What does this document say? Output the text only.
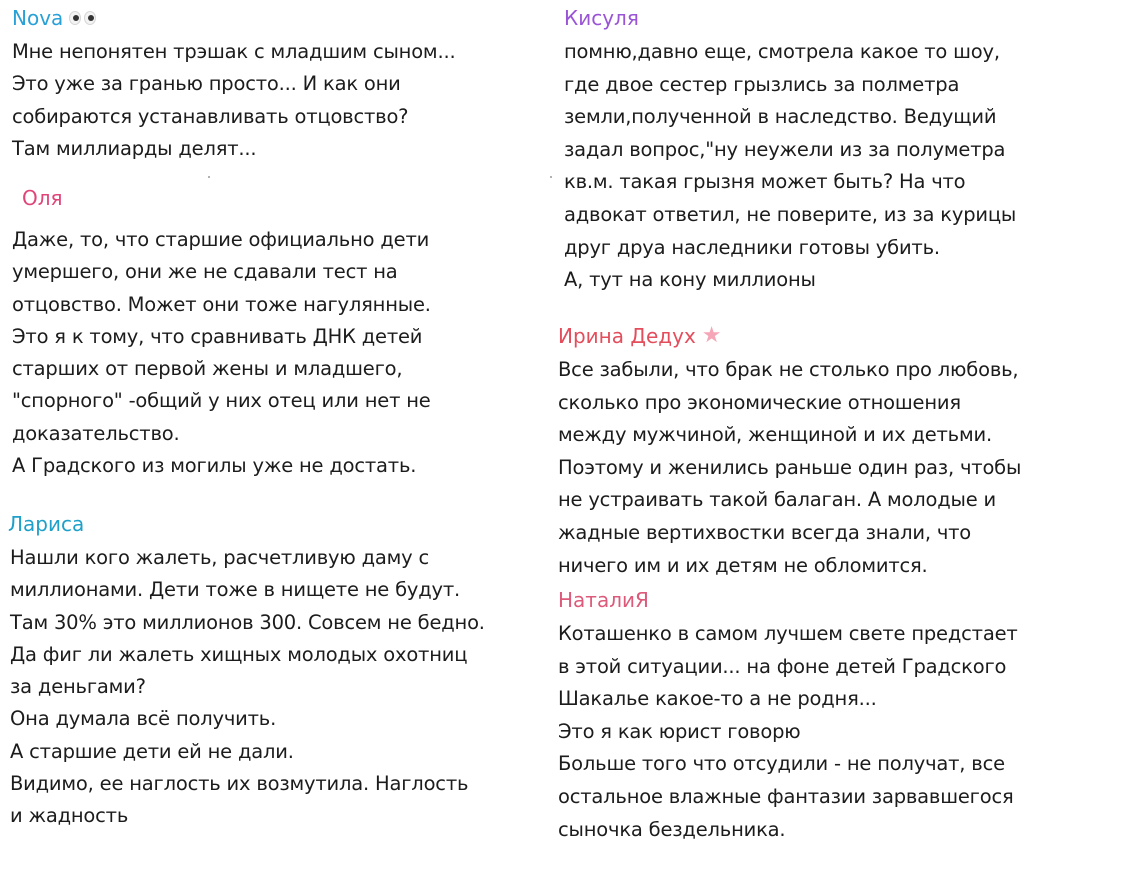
Nova
Мне непонятен трэшак с младшим сыном...
Это уже за гранью просто... И как они
собираются устанавливать отцовство?
Там миллиарды делят...
Оля
Даже, то, что старшие официально дети
умершего, они же не сдавали тест на
отцовство. Может они тоже нагулянные.
Это я к тому, что сравнивать ДНК детей
старших от первой жены и младшего,
"спорного" -общий у них отец или нет не
доказательство.
А Градского из могилы уже не достать.
Лариса
Нашли кого жалеть, расчетливую даму с
миллионами. Дети тоже в нищете не будут.
Там 30% это миллионов 300. Совсем не бедно.
Да фиг ли жалеть хищных молодых охотниц
за деньгами?
Она думала всё получить.
А старшие дети ей не дали.
Видимо, ее наглость их возмутила. Наглость
и жадность
Кисуля
помню,давно еще, смотрела какое то шоу,
где двое сестер грызлись за полметра
земли,полученной в наследство. Ведущий
задал вопрос,"ну неужели из за полуметра
кв.м. такая грызня может быть? На что
адвокат ответил, не поверите, из за курицы
друг друа наследники готовы убить.
А, тут на кону миллионы
Ирина Дедух ★
Все забыли, что брак не столько про любовь,
сколько про экономические отношения
между мужчиной, женщиной и их детьми.
Поэтому и женились раньше один раз, чтобы
не устраивать такой балаган. А молодые и
жадные вертихвостки всегда знали, что
ничего им и их детям не обломится.
НаталиЯ
Коташенко в самом лучшем свете предстает
в этой ситуации... на фоне детей Градского
Шакалье какое-то а не родня...
Это я как юрист говорю
Больше того что отсудили - не получат, все
остальное влажные фантазии зарвавшегося
сыночка бездельника.
